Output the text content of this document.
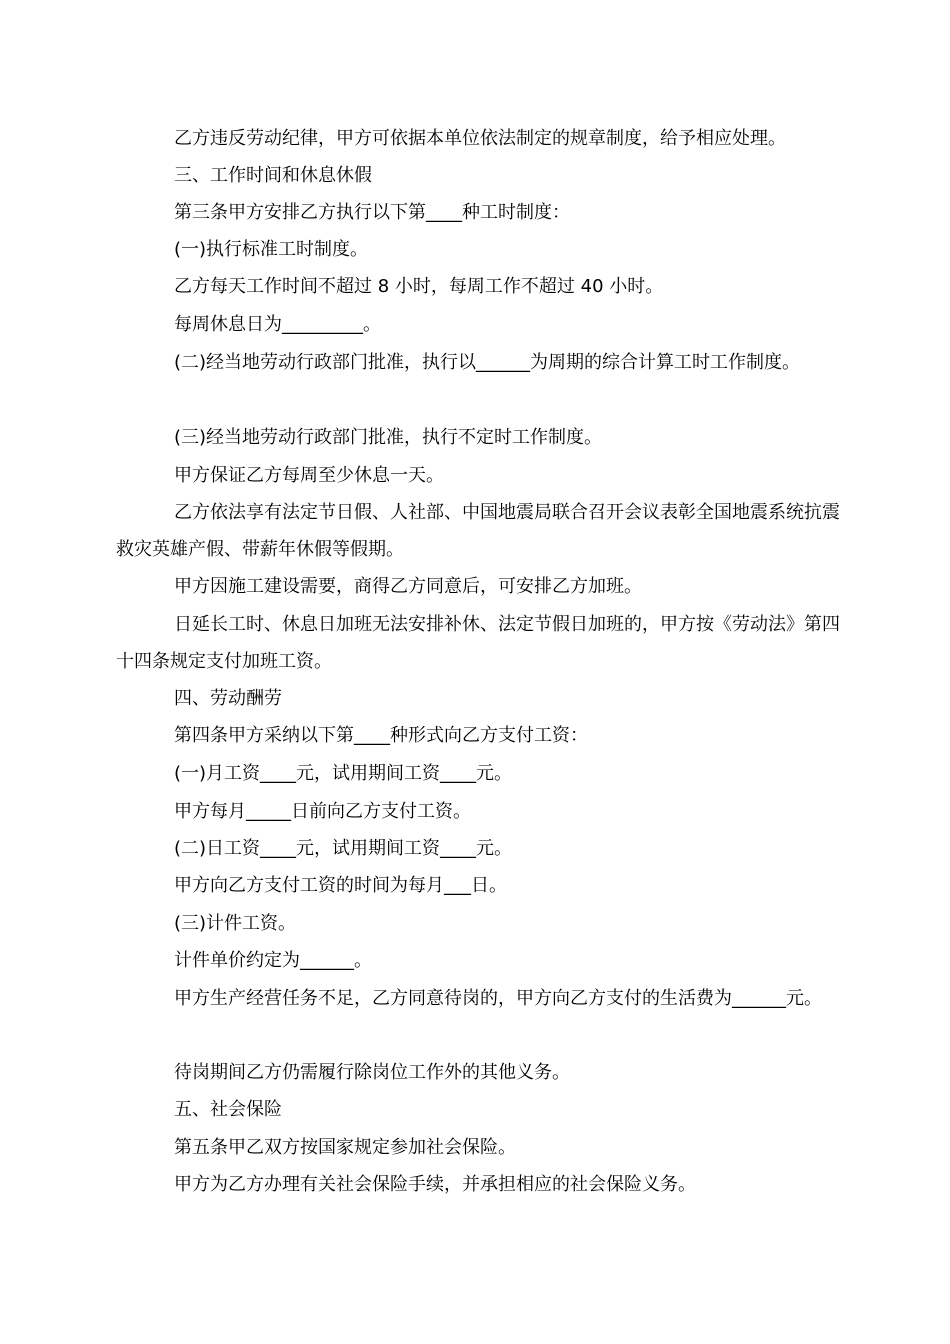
乙方违反劳动纪律，甲方可依据本单位依法制定的规章制度，给予相应处理。

三、工作时间和休息休假

第三条甲方安排乙方执行以下第____种工时制度：

(一)执行标准工时制度。

乙方每天工作时间不超过 8 小时，每周工作不超过 40 小时。

每周休息日为_________。

(二)经当地劳动行政部门批准，执行以______为周期的综合计算工时工作制度。

(三)经当地劳动行政部门批准，执行不定时工作制度。

甲方保证乙方每周至少休息一天。

乙方依法享有法定节日假、人社部、中国地震局联合召开会议表彰全国地震系统抗震救灾英雄产假、带薪年休假等假期。

甲方因施工建设需要，商得乙方同意后，可安排乙方加班。

日延长工时、休息日加班无法安排补休、法定节假日加班的，甲方按《劳动法》第四十四条规定支付加班工资。

四、劳动酬劳

第四条甲方采纳以下第____种形式向乙方支付工资：

(一)月工资____元，试用期间工资____元。

甲方每月_____日前向乙方支付工资。

(二)日工资____元，试用期间工资____元。

甲方向乙方支付工资的时间为每月___日。

(三)计件工资。

计件单价约定为______。

甲方生产经营任务不足，乙方同意待岗的，甲方向乙方支付的生活费为______元。

待岗期间乙方仍需履行除岗位工作外的其他义务。

五、社会保险

第五条甲乙双方按国家规定参加社会保险。

甲方为乙方办理有关社会保险手续，并承担相应的社会保险义务。
